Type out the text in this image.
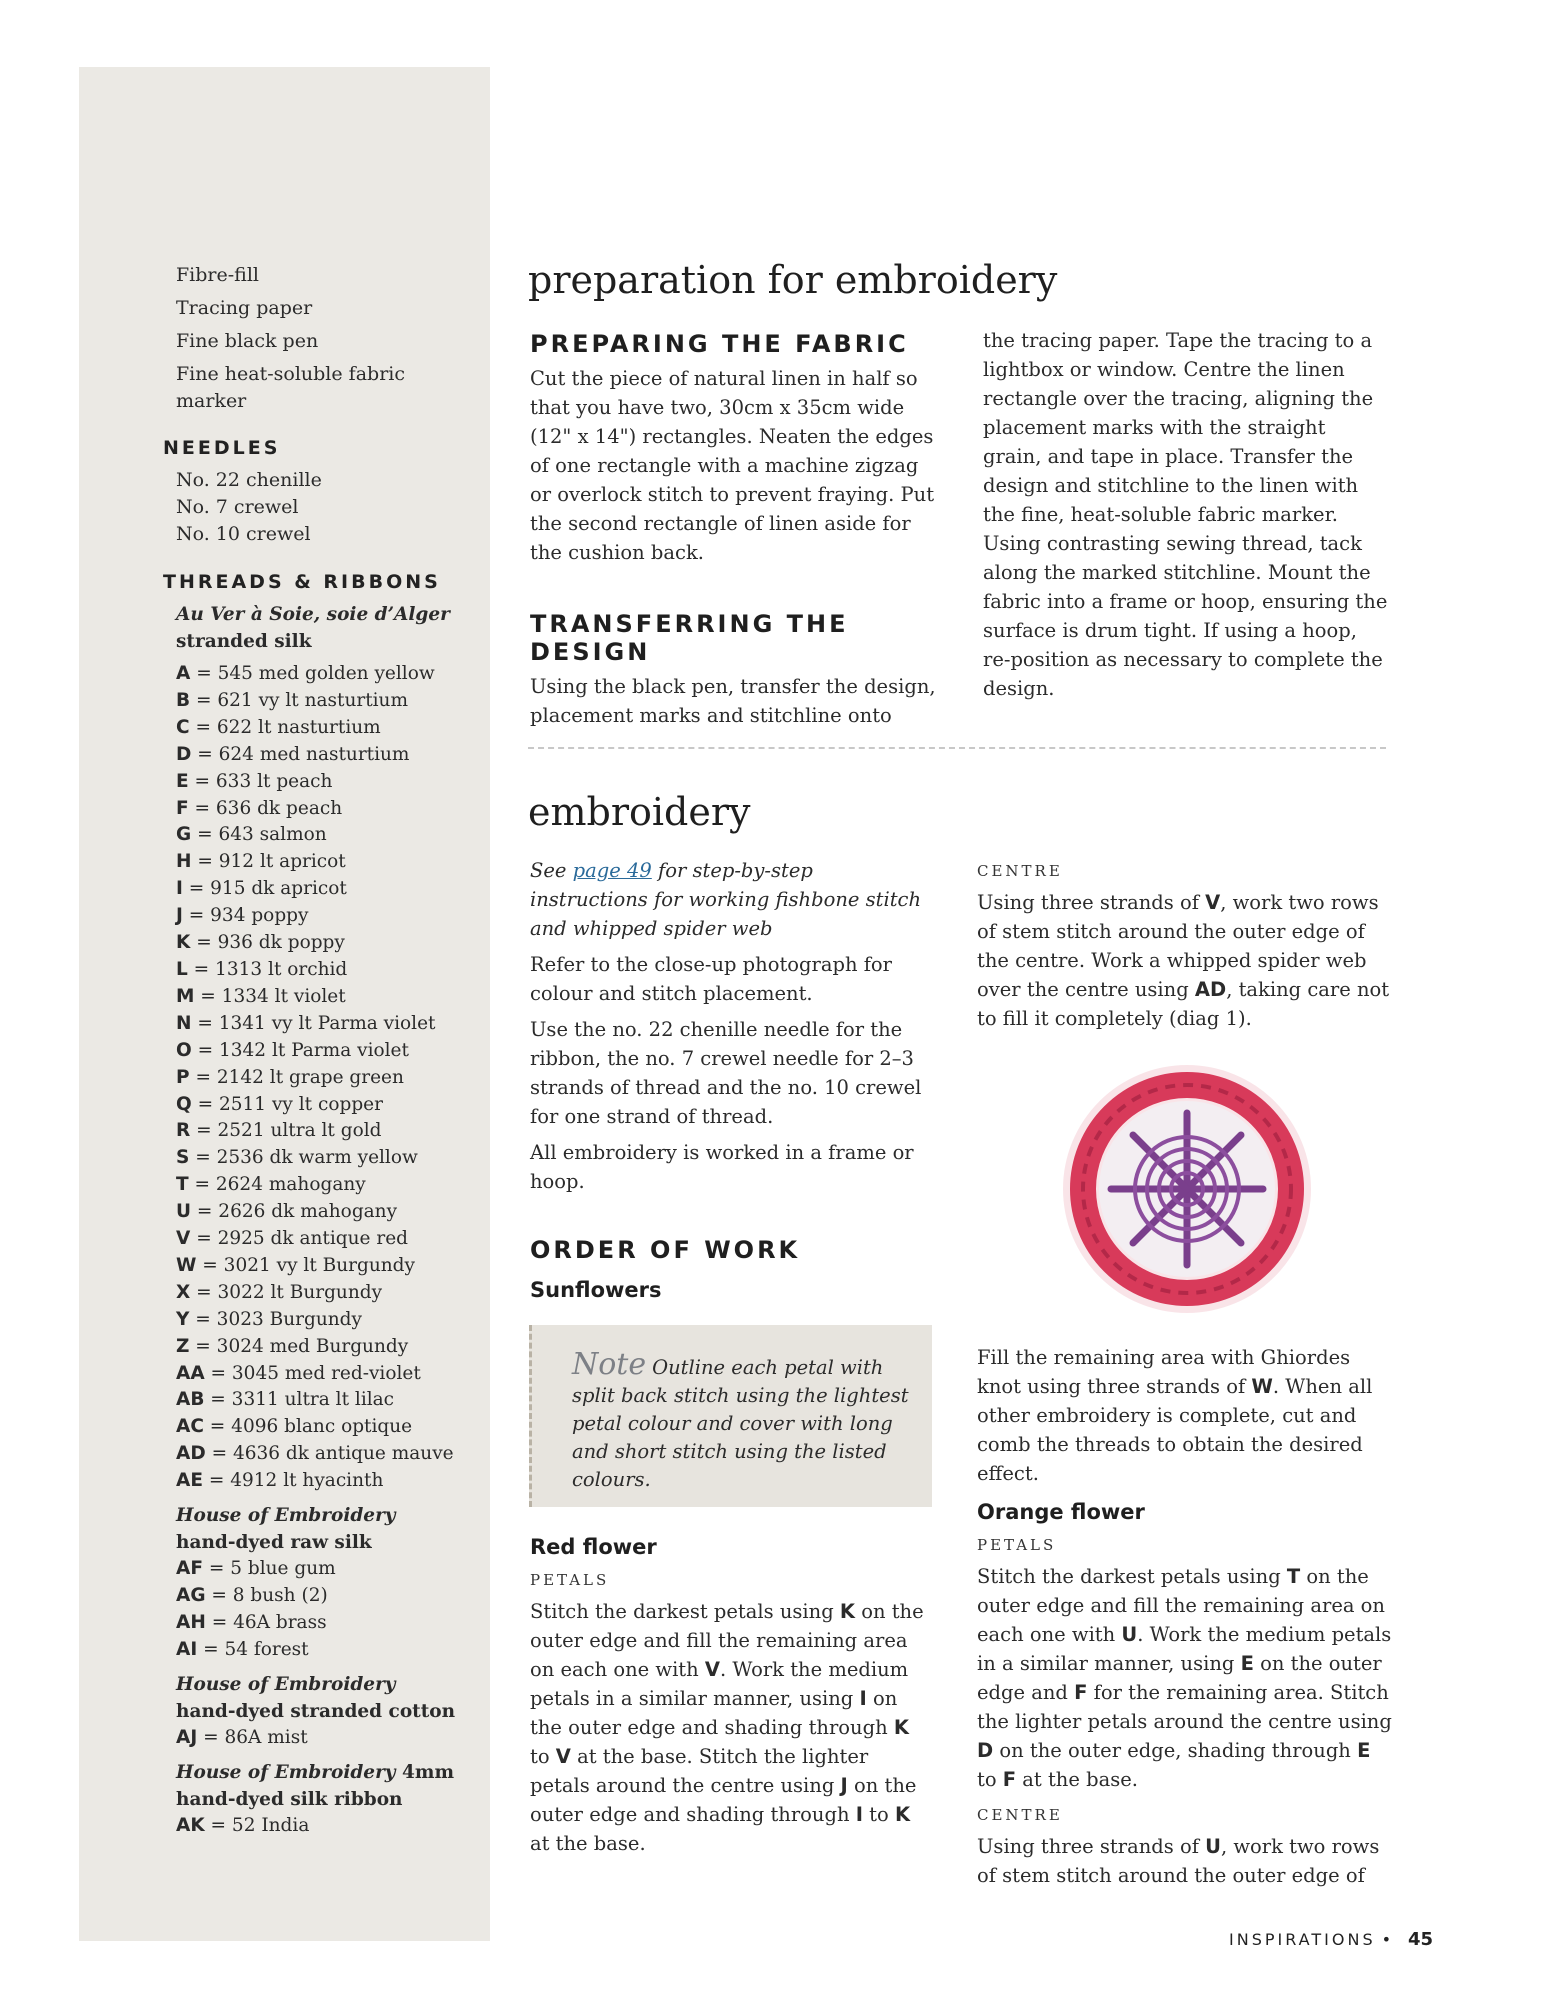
Fibre-fill
Tracing paper
Fine black pen
Fine heat-soluble fabric marker
NEEDLES
No. 22 chenille
No. 7 crewel
No. 10 crewel
THREADS & RIBBONS
Au Ver à Soie, soie d’Alger
stranded silk
A = 545 med golden yellow
B = 621 vy lt nasturtium
C = 622 lt nasturtium
D = 624 med nasturtium
E = 633 lt peach
F = 636 dk peach
G = 643 salmon
H = 912 lt apricot
I = 915 dk apricot
J = 934 poppy
K = 936 dk poppy
L = 1313 lt orchid
M = 1334 lt violet
N = 1341 vy lt Parma violet
O = 1342 lt Parma violet
P = 2142 lt grape green
Q = 2511 vy lt copper
R = 2521 ultra lt gold
S = 2536 dk warm yellow
T = 2624 mahogany
U = 2626 dk mahogany
V = 2925 dk antique red
W = 3021 vy lt Burgundy
X = 3022 lt Burgundy
Y = 3023 Burgundy
Z = 3024 med Burgundy
AA = 3045 med red-violet
AB = 3311 ultra lt lilac
AC = 4096 blanc optique
AD = 4636 dk antique mauve
AE = 4912 lt hyacinth
House of Embroidery
hand-dyed raw silk
AF = 5 blue gum
AG = 8 bush (2)
AH = 46A brass
AI = 54 forest
House of Embroidery
hand-dyed stranded cotton
AJ = 86A mist
House of Embroidery 4mm
hand-dyed silk ribbon
AK = 52 India
preparation for embroidery
PREPARING THE FABRIC

Cut the piece of natural linen in half so that you have two, 30cm x 35cm wide (12" x 14") rectangles. Neaten the edges of one rectangle with a machine zigzag or overlock stitch to prevent fraying. Put the second rectangle of linen aside for the cushion back.

TRANSFERRING THE DESIGN

Using the black pen, transfer the design, placement marks and stitchline onto

the tracing paper. Tape the tracing to a lightbox or window. Centre the linen rectangle over the tracing, aligning the placement marks with the straight grain, and tape in place. Transfer the design and stitchline to the linen with the fine, heat-soluble fabric marker. Using contrasting sewing thread, tack along the marked stitchline. Mount the fabric into a frame or hoop, ensuring the surface is drum tight. If using a hoop, re-position as necessary to complete the design.

embroidery

See page 49 for step-by-step instructions for working fishbone stitch and whipped spider web

Refer to the close-up photograph for colour and stitch placement.

Use the no. 22 chenille needle for the ribbon, the no. 7 crewel needle for 2–3 strands of thread and the no. 10 crewel for one strand of thread.

All embroidery is worked in a frame or hoop.

ORDER OF WORK
Sunflowers
Note Outline each petal with split back stitch using the lightest petal colour and cover with long and short stitch using the listed colours.
Red flower

PETALS

Stitch the darkest petals using K on the outer edge and fill the remaining area on each one with V. Work the medium petals in a similar manner, using I on the outer edge and shading through K to V at the base. Stitch the lighter petals around the centre using J on the outer edge and shading through I to K at the base.

CENTRE

Using three strands of V, work two rows of stem stitch around the outer edge of the centre. Work a whipped spider web over the centre using AD, taking care not to fill it completely (diag 1).

Fill the remaining area with Ghiordes knot using three strands of W. When all other embroidery is complete, cut and comb the threads to obtain the desired effect.

Orange flower

PETALS

Stitch the darkest petals using T on the outer edge and fill the remaining area on each one with U. Work the medium petals in a similar manner, using E on the outer edge and F for the remaining area. Stitch the lighter petals around the centre using D on the outer edge, shading through E to F at the base.

CENTRE

Using three strands of U, work two rows of stem stitch around the outer edge of

INSPIRATIONS • 45
